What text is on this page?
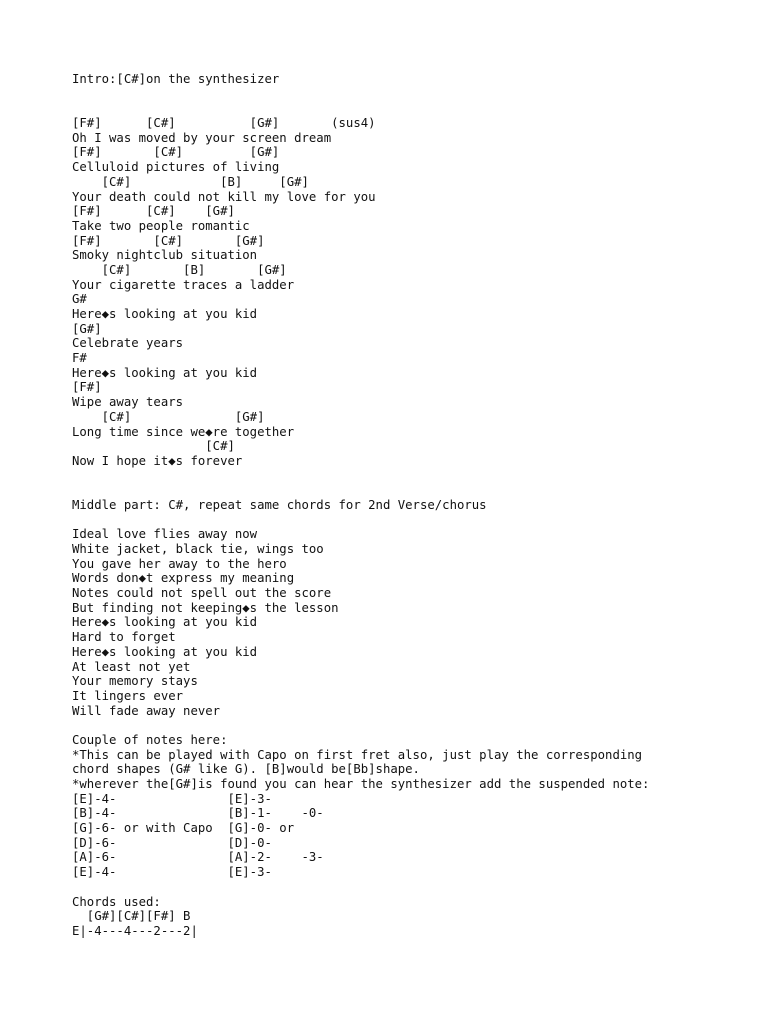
Intro:[C#]on the synthesizer
[F#]      [C#]          [G#]       (sus4)
Oh I was moved by your screen dream
[F#]       [C#]         [G#]
Celluloid pictures of living
[C#]            [B]     [G#]
Your death could not kill my love for you
[F#]      [C#]    [G#]
Take two people romantic
[F#]       [C#]       [G#]
Smoky nightclub situation
[C#]       [B]       [G#]
Your cigarette traces a ladder
G#
Here◆s looking at you kid
[G#]
Celebrate years
F#
Here◆s looking at you kid
[F#]
Wipe away tears
[C#]              [G#]
Long time since we◆re together
[C#]
Now I hope it◆s forever
Middle part: C#, repeat same chords for 2nd Verse/chorus
Ideal love flies away now
White jacket, black tie, wings too
You gave her away to the hero
Words don◆t express my meaning
Notes could not spell out the score
But finding not keeping◆s the lesson
Here◆s looking at you kid
Hard to forget
Here◆s looking at you kid
At least not yet
Your memory stays
It lingers ever
Will fade away never
Couple of notes here:
*This can be played with Capo on first fret also, just play the corresponding
chord shapes (G# like G). [B]would be[Bb]shape.
*wherever the[G#]is found you can hear the synthesizer add the suspended note:
[E]-4-               [E]-3-
[B]-4-               [B]-1-    -0-
[G]-6- or with Capo  [G]-0- or
[D]-6-               [D]-0-
[A]-6-               [A]-2-    -3-
[E]-4-               [E]-3-
Chords used:
[G#][C#][F#] B
E|-4---4---2---2|
